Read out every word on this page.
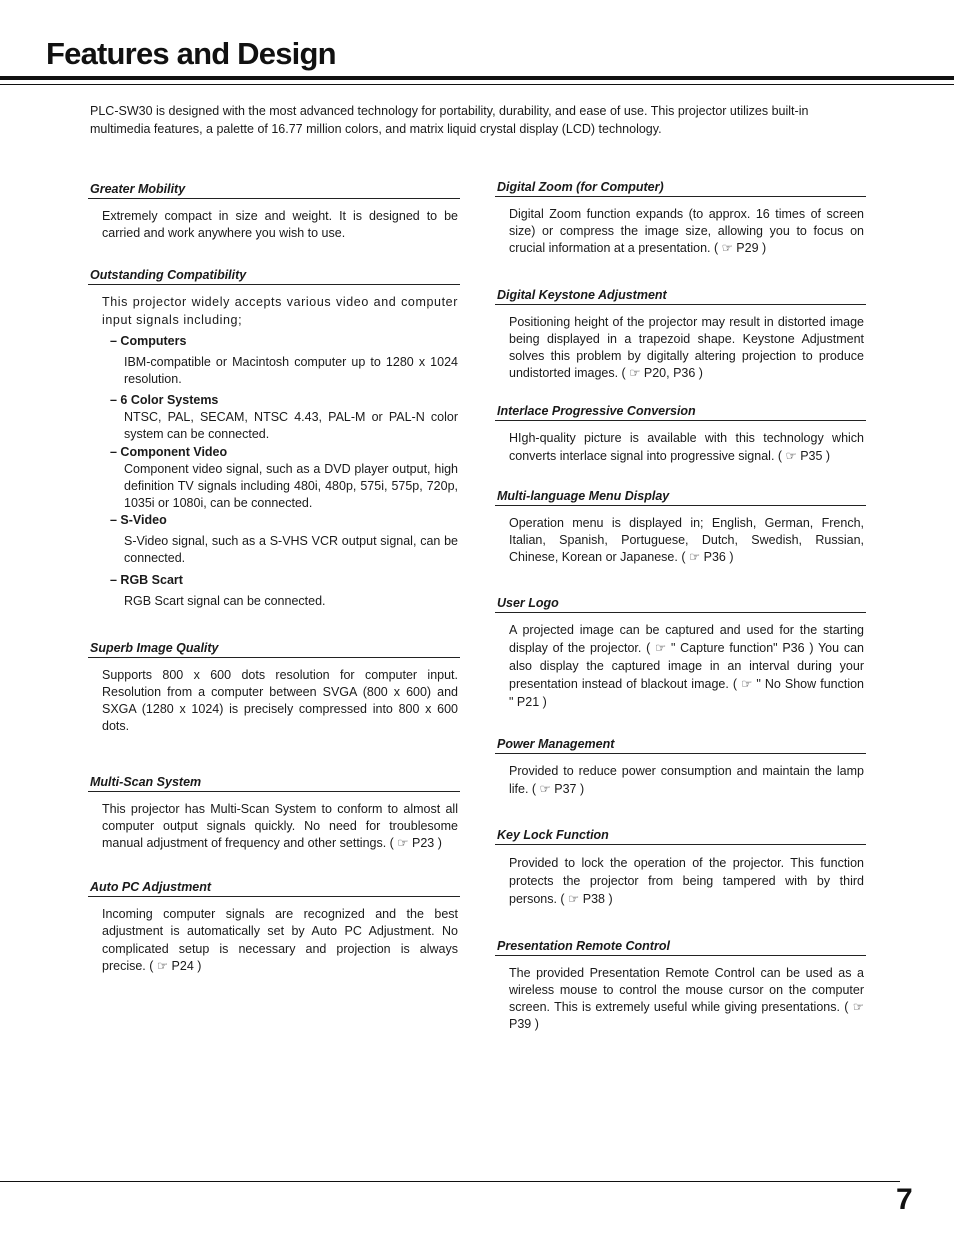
Features and Design

PLC-SW30 is designed with the most advanced technology for portability, durability, and ease of use. This projector utilizes built-in multimedia features, a palette of 16.77 million colors, and matrix liquid crystal display (LCD) technology.

Greater Mobility
Extremely compact in size and weight. It is designed to be carried and work anywhere you wish to use.
Outstanding Compatibility
This projector widely accepts various video and computer input signals including;
– Computers
IBM-compatible or Macintosh computer up to 1280 x 1024 resolution.
– 6 Color Systems
NTSC, PAL, SECAM, NTSC 4.43, PAL-M or PAL-N color system can be connected.
– Component Video
Component video signal, such as a DVD player output, high definition TV signals including 480i, 480p, 575i, 575p, 720p, 1035i or 1080i, can be connected.
– S-Video
S-Video signal, such as a S-VHS VCR output signal, can be connected.
– RGB Scart
RGB Scart signal can be connected.
Superb Image Quality
Supports 800 x 600 dots resolution for computer input. Resolution from a computer between SVGA (800 x 600) and SXGA (1280 x 1024) is precisely compressed into 800 x 600 dots.
Multi-Scan System
This projector has Multi-Scan System to conform to almost all computer output signals quickly. No need for troublesome manual adjustment of frequency and other settings. ( ☞ P23 )
Auto PC Adjustment
Incoming computer signals are recognized and the best adjustment is automatically set by Auto PC Adjustment. No complicated setup is necessary and projection is always precise. ( ☞ P24 )
Digital Zoom (for Computer)
Digital Zoom function expands (to approx. 16 times of screen size) or compress the image size, allowing you to focus on crucial information at a presentation. ( ☞ P29 )
Digital Keystone Adjustment
Positioning height of the projector may result in distorted image being displayed in a trapezoid shape. Keystone Adjustment solves this problem by digitally altering projection to produce undistorted images. ( ☞ P20, P36 )
Interlace Progressive Conversion
HIgh-quality picture is available with this technology which converts interlace signal into progressive signal. ( ☞ P35 )
Multi-language Menu Display
Operation menu is displayed in; English, German, French, Italian, Spanish, Portuguese, Dutch, Swedish, Russian, Chinese, Korean or Japanese. ( ☞ P36 )
User Logo
A projected image can be captured and used for the starting display of the projector. ( ☞ " Capture function" P36 ) You can also display the captured image in an interval during your presentation instead of blackout image. ( ☞ " No Show function " P21 )
Power Management
Provided to reduce power consumption and maintain the lamp life. ( ☞ P37 )
Key Lock Function
Provided to lock the operation of the projector. This function protects the projector from being tampered with by third persons. ( ☞ P38 )
Presentation Remote Control
The provided Presentation Remote Control can be used as a wireless mouse to control the mouse cursor on the computer screen. This is extremely useful while giving presentations. ( ☞ P39 )
7
